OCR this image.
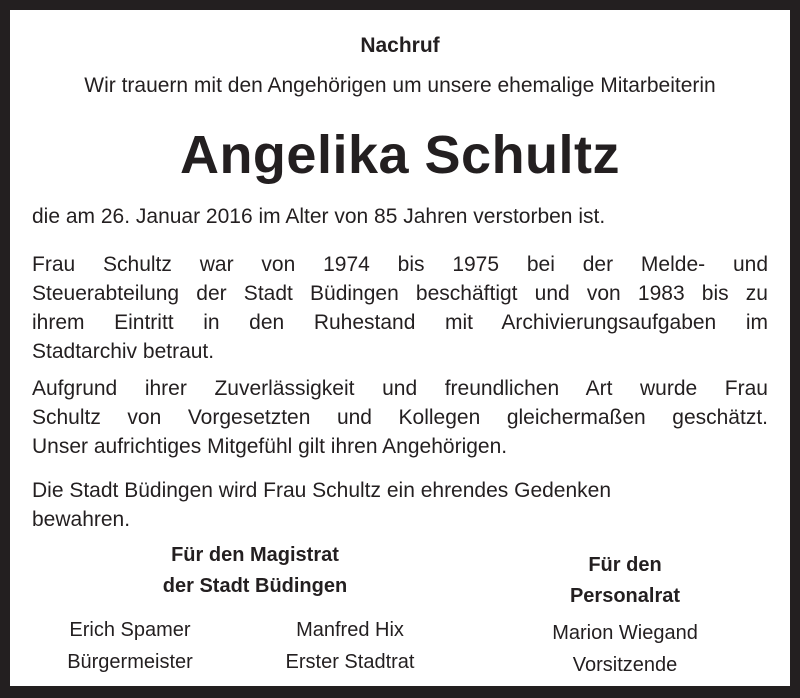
Nachruf
Wir trauern mit den Angehörigen um unsere ehemalige Mitarbeiterin
Angelika Schultz
die am 26. Januar 2016 im Alter von 85 Jahren verstorben ist.
Frau Schultz war von 1974 bis 1975 bei der Melde- und
Steuerabteilung der Stadt Büdingen beschäftigt und von 1983 bis zu
ihrem Eintritt in den Ruhestand mit Archivierungsaufgaben im
Stadtarchiv betraut.
Aufgrund ihrer Zuverlässigkeit und freundlichen Art wurde Frau
Schultz von Vorgesetzten und Kollegen gleichermaßen geschätzt.
Unser aufrichtiges Mitgefühl gilt ihren Angehörigen.
Die Stadt Büdingen wird Frau Schultz ein ehrendes Gedenken
bewahren.
Für den Magistrat
der Stadt Büdingen
Für den
Personalrat
Erich Spamer
Bürgermeister
Manfred Hix
Erster Stadtrat
Marion Wiegand
Vorsitzende
